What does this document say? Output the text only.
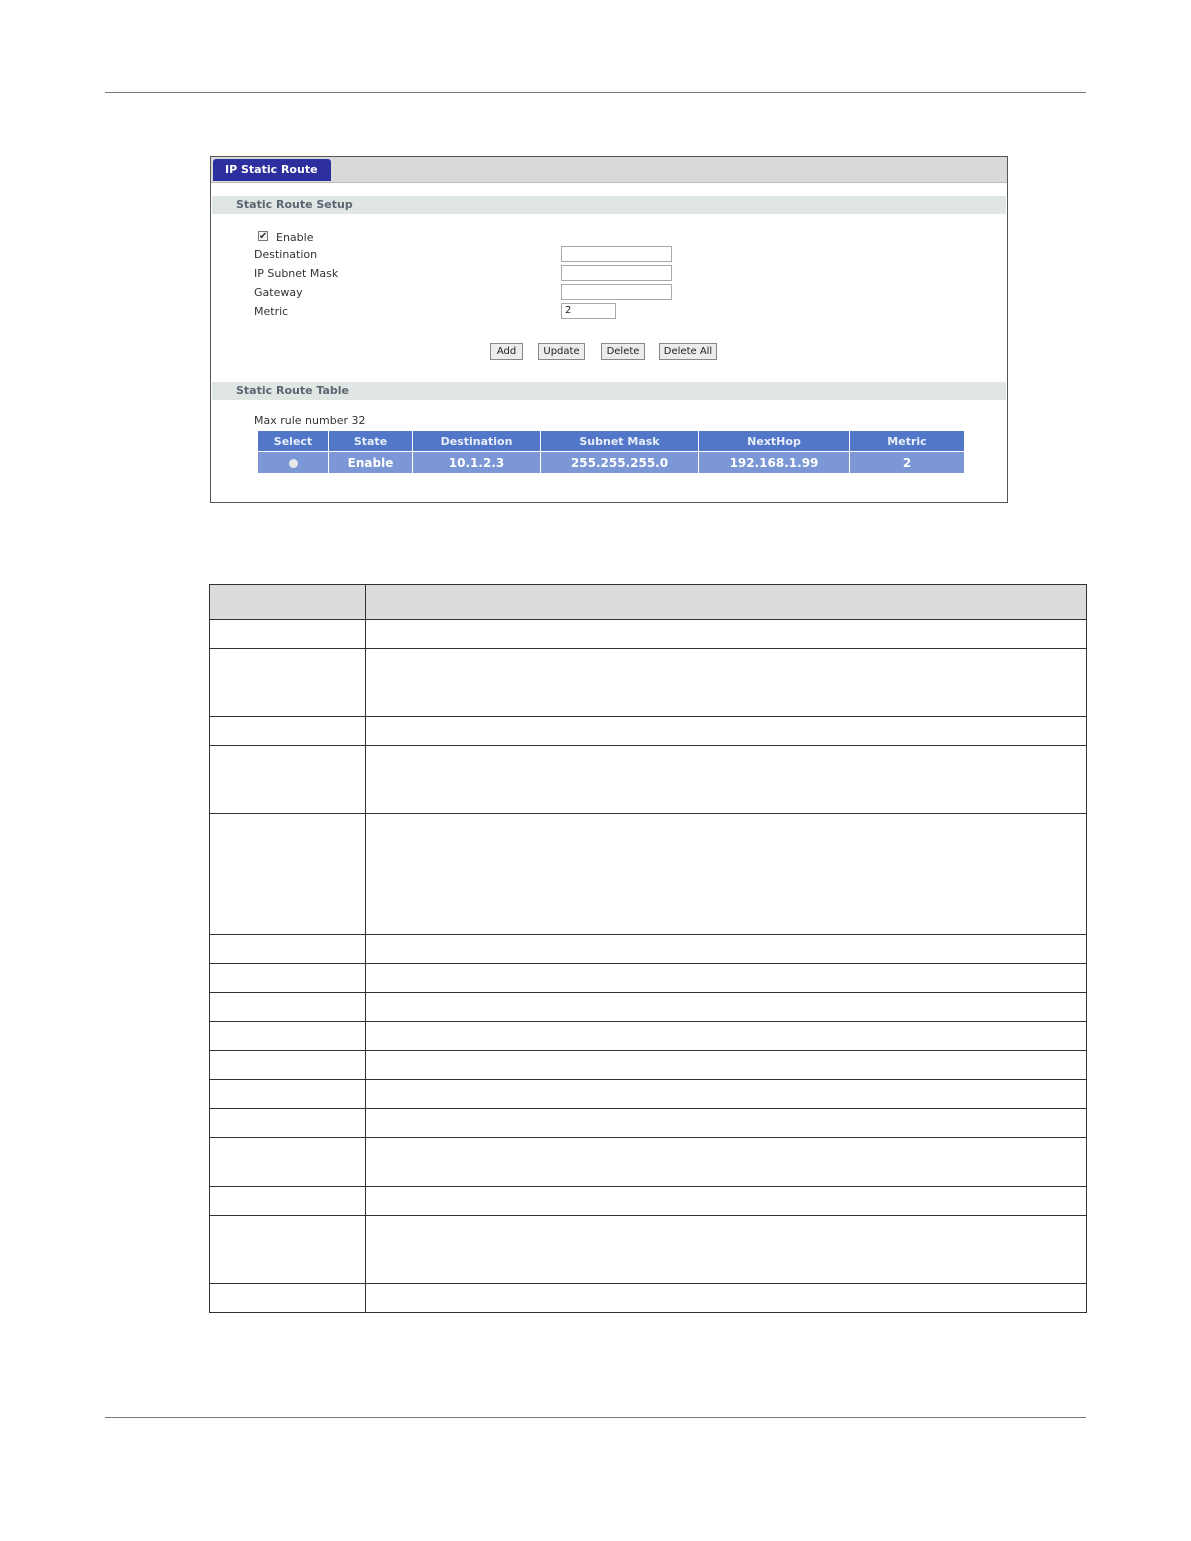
IP Static Route
Static Route Setup
✔ Enable
Destination
IP Subnet Mask
Gateway
Metric
2
Add	Update	Delete	Delete All
Static Route Table
Max rule number 32
Select	State	Destination	Subnet Mask	NextHop	Metric
	Enable	10.1.2.3	255.255.255.0	192.168.1.99	2
